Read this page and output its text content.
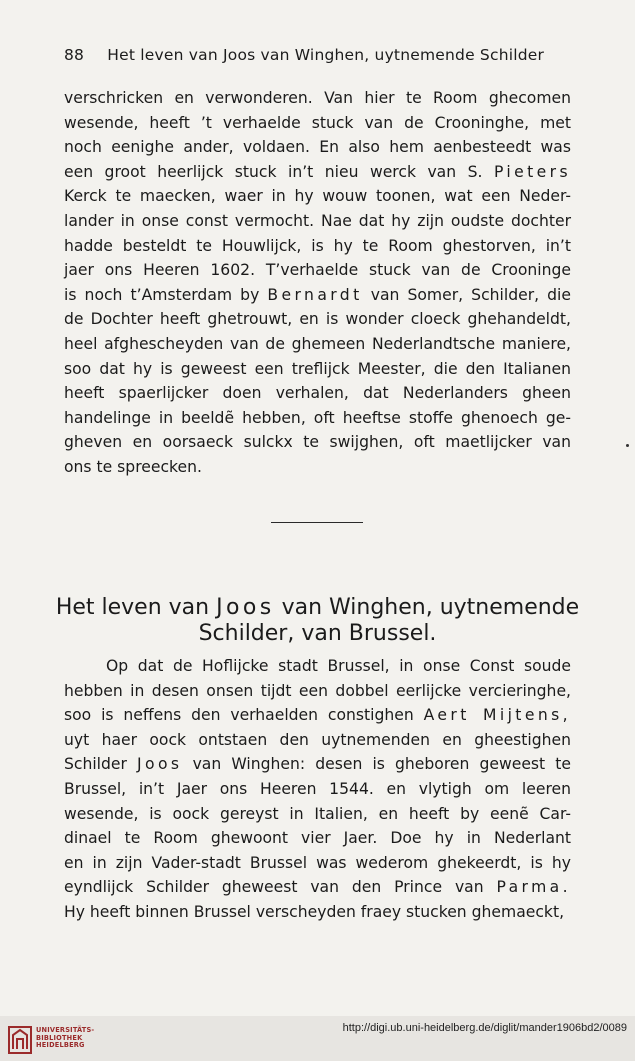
88 Het leven van Joos van Winghen, uytnemende Schilder
verschricken en verwonderen. Van hier te Room ghecomen
wesende, heeft ’t verhaelde stuck van de Crooninghe, met
noch eenighe ander, voldaen. En also hem aenbesteedt was
een groot heerlijck stuck in’t nieu werck van S. Pieters
Kerck te maecken, waer in hy wouw toonen, wat een Neder-
lander in onse const vermocht. Nae dat hy zijn oudste dochter
hadde besteldt te Houwlijck, is hy te Room ghestorven, in’t
jaer ons Heeren 1602. T’verhaelde stuck van de Crooninge
is noch t’Amsterdam by Bernardt van Somer, Schilder, die
de Dochter heeft ghetrouwt, en is wonder cloeck ghehandeldt,
heel afghescheyden van de ghemeen Nederlandtsche maniere,
soo dat hy is geweest een treflijck Meester, die den Italianen
heeft spaerlijcker doen verhalen, dat Nederlanders gheen
handelinge in beeldẽ hebben, oft heeftse stoffe ghenoech ge-
gheven en oorsaeck sulckx te swijghen, oft maetlijcker van
ons te spreecken.
Het leven van Joos van Winghen, uytnemende
Schilder, van Brussel.
Op dat de Hoflijcke stadt Brussel, in onse Const soude
hebben in desen onsen tijdt een dobbel eerlijcke vercieringhe,
soo is neffens den verhaelden constighen Aert Mijtens,
uyt haer oock ontstaen den uytnemenden en gheestighen
Schilder Joos van Winghen: desen is gheboren geweest te
Brussel, in’t Jaer ons Heeren 1544. en vlytigh om leeren
wesende, is oock gereyst in Italien, en heeft by eenẽ Car-
dinael te Room ghewoont vier Jaer. Doe hy in Nederlant
en in zijn Vader-stadt Brussel was wederom ghekeerdt, is hy
eyndlijck Schilder gheweest van den Prince van Parma.
Hy heeft binnen Brussel verscheyden fraey stucken ghemaeckt,
UNIVERSITÄTS-
BIBLIOTHEK
HEIDELBERG
http://digi.ub.uni-heidelberg.de/diglit/mander1906bd2/0089
